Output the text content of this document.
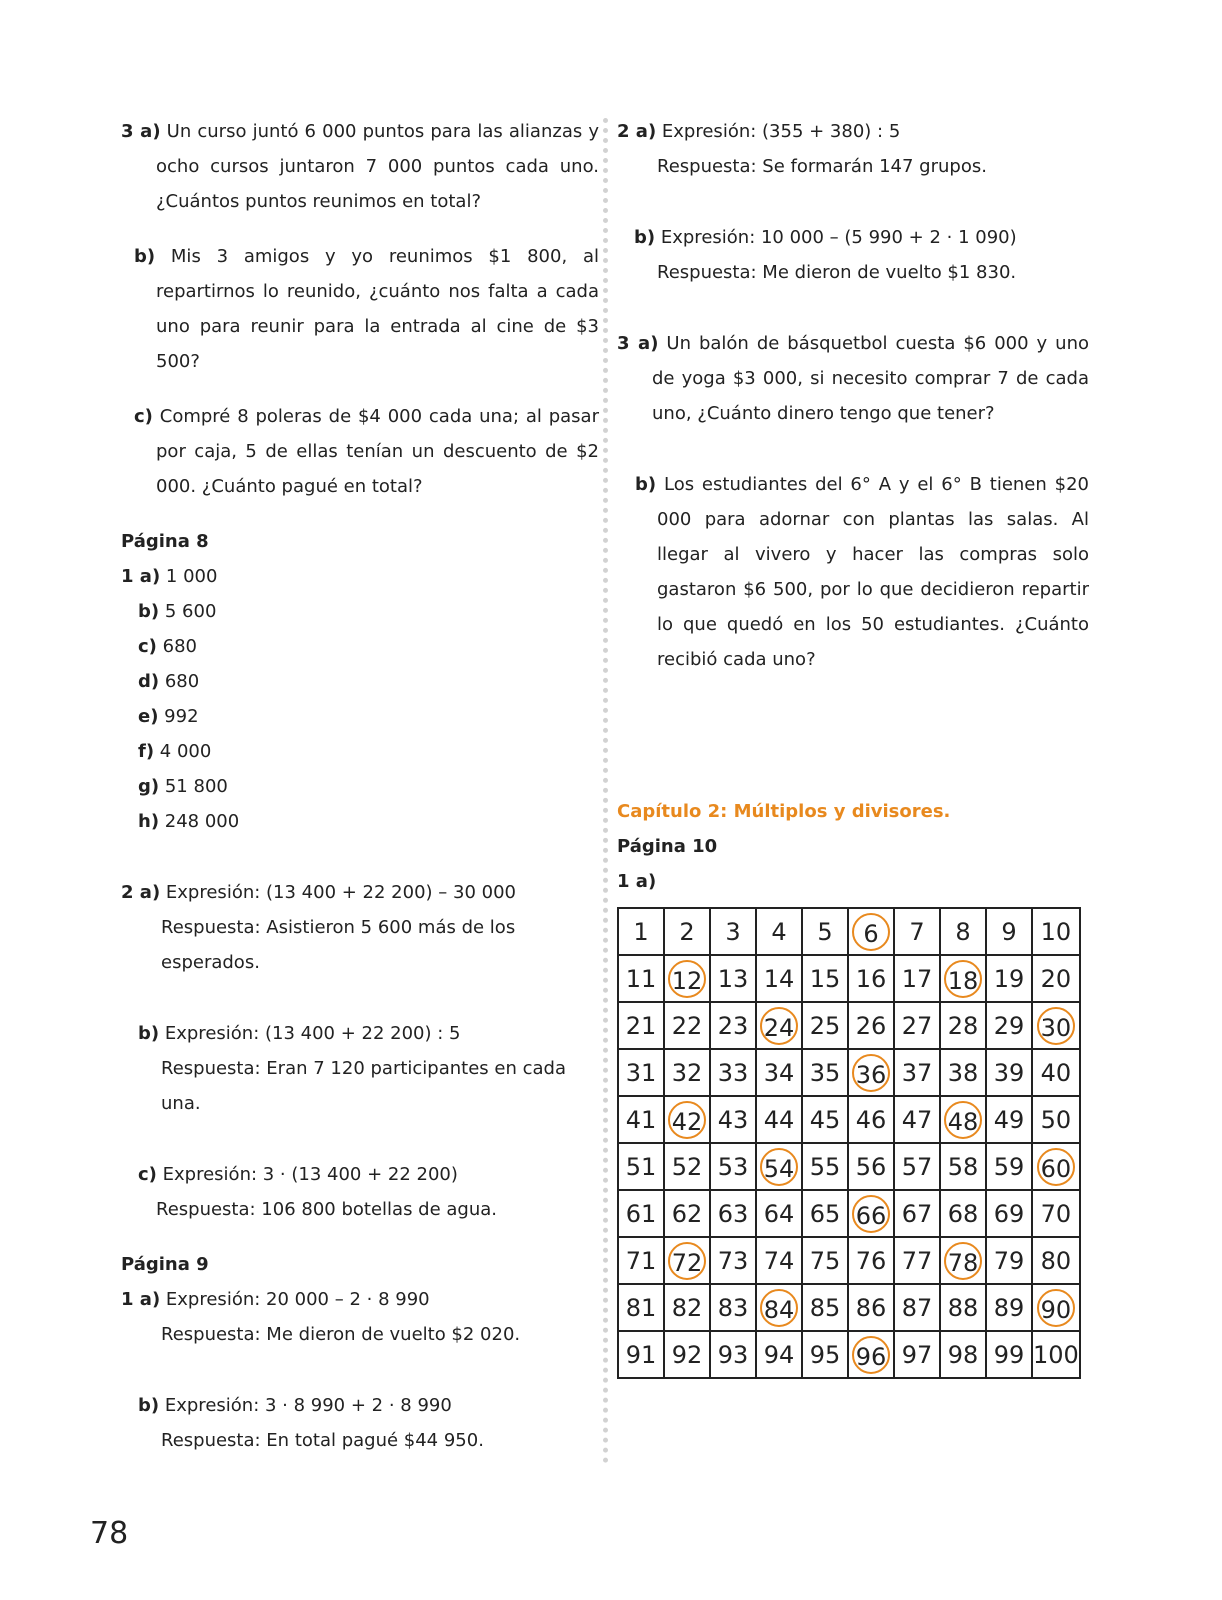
3 a) Un curso juntó 6 000 puntos para las alianzas y ocho cursos juntaron 7 000 puntos cada uno. ¿Cuántos puntos reunimos en total?

b) Mis 3 amigos y yo reunimos $1 800, al repartirnos lo reunido, ¿cuánto nos falta a cada uno para reunir para la entrada al cine de $3 500?

c) Compré 8 poleras de $4 000 cada una; al pasar por caja, 5 de ellas tenían un descuento de $2 000. ¿Cuánto pagué en total?

Página 8

1 a) 1 000

b) 5 600

c) 680

d) 680

e) 992

f) 4 000

g) 51 800

h) 248 000

2 a) Expresión: (13 400 + 22 200) – 30 000

Respuesta: Asistieron 5 600 más de los esperados.

b) Expresión: (13 400 + 22 200) : 5

Respuesta: Eran 7 120 participantes en cada una.

c) Expresión: 3 · (13 400 + 22 200)

Respuesta: 106 800 botellas de agua.

Página 9

1 a) Expresión: 20 000 – 2 · 8 990

Respuesta: Me dieron de vuelto $2 020.

b) Expresión: 3 · 8 990 + 2 · 8 990

Respuesta: En total pagué $44 950.

2 a) Expresión: (355 + 380) : 5

Respuesta: Se formarán 147 grupos.

b) Expresión: 10 000 – (5 990 + 2 · 1 090)

Respuesta: Me dieron de vuelto $1 830.

3 a) Un balón de básquetbol cuesta $6 000 y uno de yoga $3 000, si necesito comprar 7 de cada uno, ¿Cuánto dinero tengo que tener?

b) Los estudiantes del 6° A y el 6° B tienen $20 000 para adornar con plantas las salas. Al llegar al vivero y hacer las compras solo gastaron $6 500, por lo que decidieron repartir lo que quedó en los 50 estudiantes. ¿Cuánto recibió cada uno?

Capítulo 2: Múltiplos y divisores.

Página 10

1 a)

1	2	3	4	5	6	7	8	9	10
11	12	13	14	15	16	17	18	19	20
21	22	23	24	25	26	27	28	29	30
31	32	33	34	35	36	37	38	39	40
41	42	43	44	45	46	47	48	49	50
51	52	53	54	55	56	57	58	59	60
61	62	63	64	65	66	67	68	69	70
71	72	73	74	75	76	77	78	79	80
81	82	83	84	85	86	87	88	89	90
91	92	93	94	95	96	97	98	99	100
78
